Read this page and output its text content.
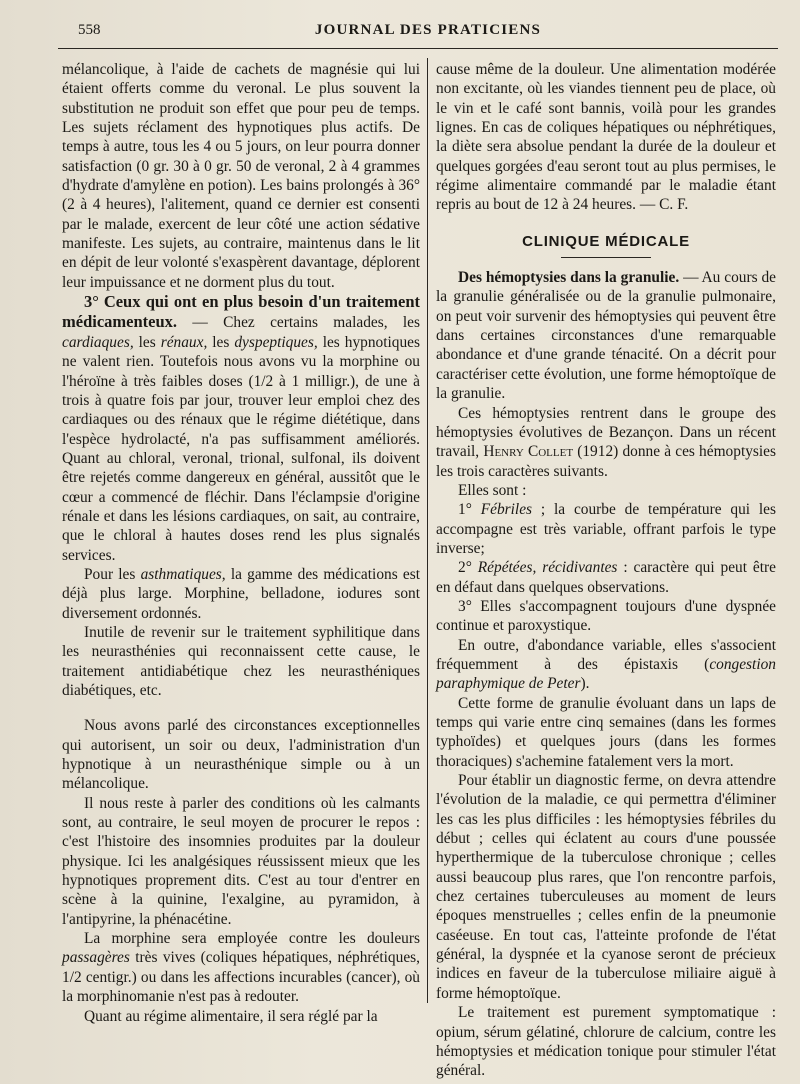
558	JOURNAL DES PRATICIENS

mélancolique, à l'aide de cachets de magnésie qui lui étaient offerts comme du veronal. Le plus souvent la substitution ne produit son effet que pour peu de temps. Les sujets réclament des hypnotiques plus actifs. De temps à autre, tous les 4 ou 5 jours, on leur pourra donner satisfaction (0 gr. 30 à 0 gr. 50 de veronal, 2 à 4 grammes d'hydrate d'amylène en potion). Les bains prolongés à 36° (2 à 4 heures), l'alitement, quand ce dernier est consenti par le malade, exercent de leur côté une action sédative manifeste. Les sujets, au contraire, maintenus dans le lit en dépit de leur volonté s'exaspèrent davantage, déplorent leur impuissance et ne dorment plus du tout.

3° Ceux qui ont en plus besoin d'un traitement médicamenteux. — Chez certains malades, les cardiaques, les rénaux, les dyspeptiques, les hypnotiques ne valent rien. Toutefois nous avons vu la morphine ou l'héroïne à très faibles doses (1/2 à 1 milligr.), de une à trois à quatre fois par jour, trouver leur emploi chez des cardiaques ou des rénaux que le régime diététique, dans l'espèce hydrolacté, n'a pas suffisamment améliorés. Quant au chloral, veronal, trional, sulfonal, ils doivent être rejetés comme dangereux en général, aussitôt que le cœur a commencé de fléchir. Dans l'éclampsie d'origine rénale et dans les lésions cardiaques, on sait, au contraire, que le chloral à hautes doses rend les plus signalés services.

Pour les asthmatiques, la gamme des médications est déjà plus large. Morphine, belladone, iodures sont diversement ordonnés.

Inutile de revenir sur le traitement syphilitique dans les neurasthénies qui reconnaissent cette cause, le traitement antidiabétique chez les neurasthéniques diabétiques, etc.

Nous avons parlé des circonstances exceptionnelles qui autorisent, un soir ou deux, l'administration d'un hypnotique à un neurasthénique simple ou à un mélancolique.

Il nous reste à parler des conditions où les calmants sont, au contraire, le seul moyen de procurer le repos : c'est l'histoire des insomnies produites par la douleur physique. Ici les analgésiques réussissent mieux que les hypnotiques proprement dits. C'est au tour d'entrer en scène à la quinine, l'exalgine, au pyramidon, à l'antipyrine, la phénacétine.

La morphine sera employée contre les douleurs passagères très vives (coliques hépatiques, néphrétiques, 1/2 centigr.) ou dans les affections incurables (cancer), où la morphinomanie n'est pas à redouter.

Quant au régime alimentaire, il sera réglé par la

cause même de la douleur. Une alimentation modérée non excitante, où les viandes tiennent peu de place, où le vin et le café sont bannis, voilà pour les grandes lignes. En cas de coliques hépatiques ou néphrétiques, la diète sera absolue pendant la durée de la douleur et quelques gorgées d'eau seront tout au plus permises, le régime alimentaire commandé par le maladie étant repris au bout de 12 à 24 heures. — C. F.

CLINIQUE MÉDICALE

Des hémoptysies dans la granulie. — Au cours de la granulie généralisée ou de la granulie pulmonaire, on peut voir survenir des hémoptysies qui peuvent être dans certaines circonstances d'une remarquable abondance et d'une grande ténacité. On a décrit pour caractériser cette évolution, une forme hémoptoïque de la granulie.

Ces hémoptysies rentrent dans le groupe des hémoptysies évolutives de Bezançon. Dans un récent travail, Henry Collet (1912) donne à ces hémoptysies les trois caractères suivants.

Elles sont :

1° Fébriles ; la courbe de température qui les accompagne est très variable, offrant parfois le type inverse;

2° Répétées, récidivantes : caractère qui peut être en défaut dans quelques observations.

3° Elles s'accompagnent toujours d'une dyspnée continue et paroxystique.

En outre, d'abondance variable, elles s'associent fréquemment à des épistaxis (congestion paraphymique de Peter).

Cette forme de granulie évoluant dans un laps de temps qui varie entre cinq semaines (dans les formes typhoïdes) et quelques jours (dans les formes thoraciques) s'achemine fatalement vers la mort.

Pour établir un diagnostic ferme, on devra attendre l'évolution de la maladie, ce qui permettra d'éliminer les cas les plus difficiles : les hémoptysies fébriles du début ; celles qui éclatent au cours d'une poussée hyperthermique de la tuberculose chronique ; celles aussi beaucoup plus rares, que l'on rencontre parfois, chez certaines tuberculeuses au moment de leurs époques menstruelles ; celles enfin de la pneumonie caséeuse. En tout cas, l'atteinte profonde de l'état général, la dyspnée et la cyanose seront de précieux indices en faveur de la tuberculose miliaire aiguë à forme hémoptoïque.

Le traitement est purement symptomatique : opium, sérum gélatiné, chlorure de calcium, contre les hémoptysies et médication tonique pour stimuler l'état général.
